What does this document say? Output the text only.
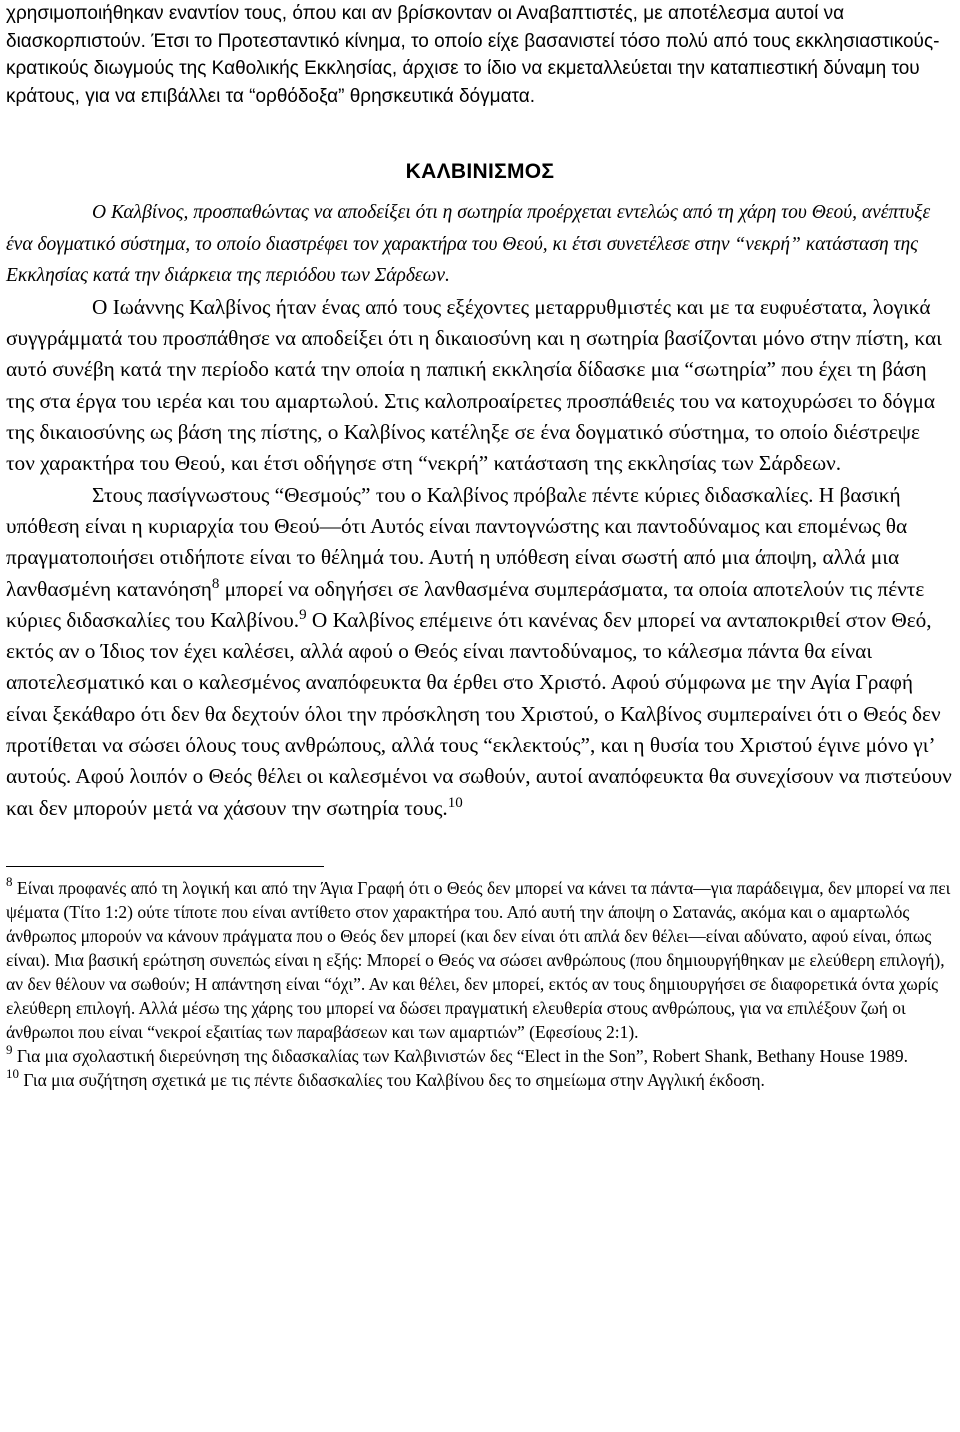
χρησιμοποιήθηκαν εναντίον τους, όπου και αν βρίσκονταν οι Αναβαπτιστές, με αποτέλεσμα αυτοί να διασκορπιστούν. Έτσι το Προτεσταντικό κίνημα, το οποίο είχε βασανιστεί τόσο πολύ από τους εκκλησιαστικούς-κρατικούς διωγμούς της Καθολικής Εκκλησίας, άρχισε το ίδιο να εκμεταλλεύεται την καταπιεστική δύναμη του κράτους, για να επιβάλλει τα “ορθόδοξα” θρησκευτικά δόγματα.

ΚΑΛΒΙΝΙΣΜΟΣ

Ο Καλβίνος, προσπαθώντας να αποδείξει ότι η σωτηρία προέρχεται εντελώς από τη χάρη του Θεού, ανέπτυξε ένα δογματικό σύστημα, το οποίο διαστρέφει τον χαρακτήρα του Θεού, κι έτσι συνετέλεσε στην “νεκρή” κατάσταση της Εκκλησίας κατά την διάρκεια της περιόδου των Σάρδεων.

Ο Ιωάννης Καλβίνος ήταν ένας από τους εξέχοντες μεταρρυθμιστές και με τα ευφυέστατα, λογικά συγγράμματά του προσπάθησε να αποδείξει ότι η δικαιοσύνη και η σωτηρία βασίζονται μόνο στην πίστη, και αυτό συνέβη κατά την περίοδο κατά την οποία η παπική εκκλησία δίδασκε μια “σωτηρία” που έχει τη βάση της στα έργα του ιερέα και του αμαρτωλού. Στις καλοπροαίρετες προσπάθειές του να κατοχυρώσει το δόγμα της δικαιοσύνης ως βάση της πίστης, ο Καλβίνος κατέληξε σε ένα δογματικό σύστημα, το οποίο διέστρεψε τον χαρακτήρα του Θεού, και έτσι οδήγησε στη “νεκρή” κατάσταση της εκκλησίας των Σάρδεων.

Στους πασίγνωστους “Θεσμούς” του ο Καλβίνος πρόβαλε πέντε κύριες διδασκαλίες. Η βασική υπόθεση είναι η κυριαρχία του Θεού—ότι Αυτός είναι παντογνώστης και παντοδύναμος και επομένως θα πραγματοποιήσει οτιδήποτε είναι το θέλημά του. Αυτή η υπόθεση είναι σωστή από μια άποψη, αλλά μια λανθασμένη κατανόηση$^8$ μπορεί να οδηγήσει σε λανθασμένα συμπεράσματα, τα οποία αποτελούν τις πέντε κύριες διδασκαλίες του Καλβίνου.$^9$ Ο Καλβίνος επέμεινε ότι κανένας δεν μπορεί να ανταποκριθεί στον Θεό, εκτός αν ο Ίδιος τον έχει καλέσει, αλλά αφού ο Θεός είναι παντοδύναμος, το κάλεσμα πάντα θα είναι αποτελεσματικό και ο καλεσμένος αναπόφευκτα θα έρθει στο Χριστό. Αφού σύμφωνα με την Αγία Γραφή είναι ξεκάθαρο ότι δεν θα δεχτούν όλοι την πρόσκληση του Χριστού, ο Καλβίνος συμπεραίνει ότι ο Θεός δεν προτίθεται να σώσει όλους τους ανθρώπους, αλλά τους “εκλεκτούς”, και η θυσία του Χριστού έγινε μόνο γι’ αυτούς. Αφού λοιπόν ο Θεός θέλει οι καλεσμένοι να σωθούν, αυτοί αναπόφευκτα θα συνεχίσουν να πιστεύουν και δεν μπορούν μετά να χάσουν την σωτηρία τους.$^{10}$

$^8$ Είναι προφανές από τη λογική και από την Άγια Γραφή ότι ο Θεός δεν μπορεί να κάνει τα πάντα—για παράδειγμα, δεν μπορεί να πει ψέματα (Τίτο 1:2) ούτε τίποτε που είναι αντίθετο στον χαρακτήρα του. Από αυτή την άποψη ο Σατανάς, ακόμα και ο αμαρτωλός άνθρωπος μπορούν να κάνουν πράγματα που ο Θεός δεν μπορεί (και δεν είναι ότι απλά δεν θέλει—είναι αδύνατο, αφού είναι, όπως είναι). Μια βασική ερώτηση συνεπώς είναι η εξής: Μπορεί ο Θεός να σώσει ανθρώπους (που δημιουργήθηκαν με ελεύθερη επιλογή), αν δεν θέλουν να σωθούν; Η απάντηση είναι “όχι”. Αν και θέλει, δεν μπορεί, εκτός αν τους δημιουργήσει σε διαφορετικά όντα χωρίς ελεύθερη επιλογή. Αλλά μέσω της χάρης του μπορεί να δώσει πραγματική ελευθερία στους ανθρώπους, για να επιλέξουν ζωή οι άνθρωποι που είναι “νεκροί εξαιτίας των παραβάσεων και των αμαρτιών” (Εφεσίους 2:1).

$^9$ Για μια σχολαστική διερεύνηση της διδασκαλίας των Καλβινιστών δες “Elect in the Son”, Robert Shank, Bethany House 1989.

$^{10}$ Για μια συζήτηση σχετικά με τις πέντε διδασκαλίες του Καλβίνου δες το σημείωμα στην Αγγλική έκδοση.
